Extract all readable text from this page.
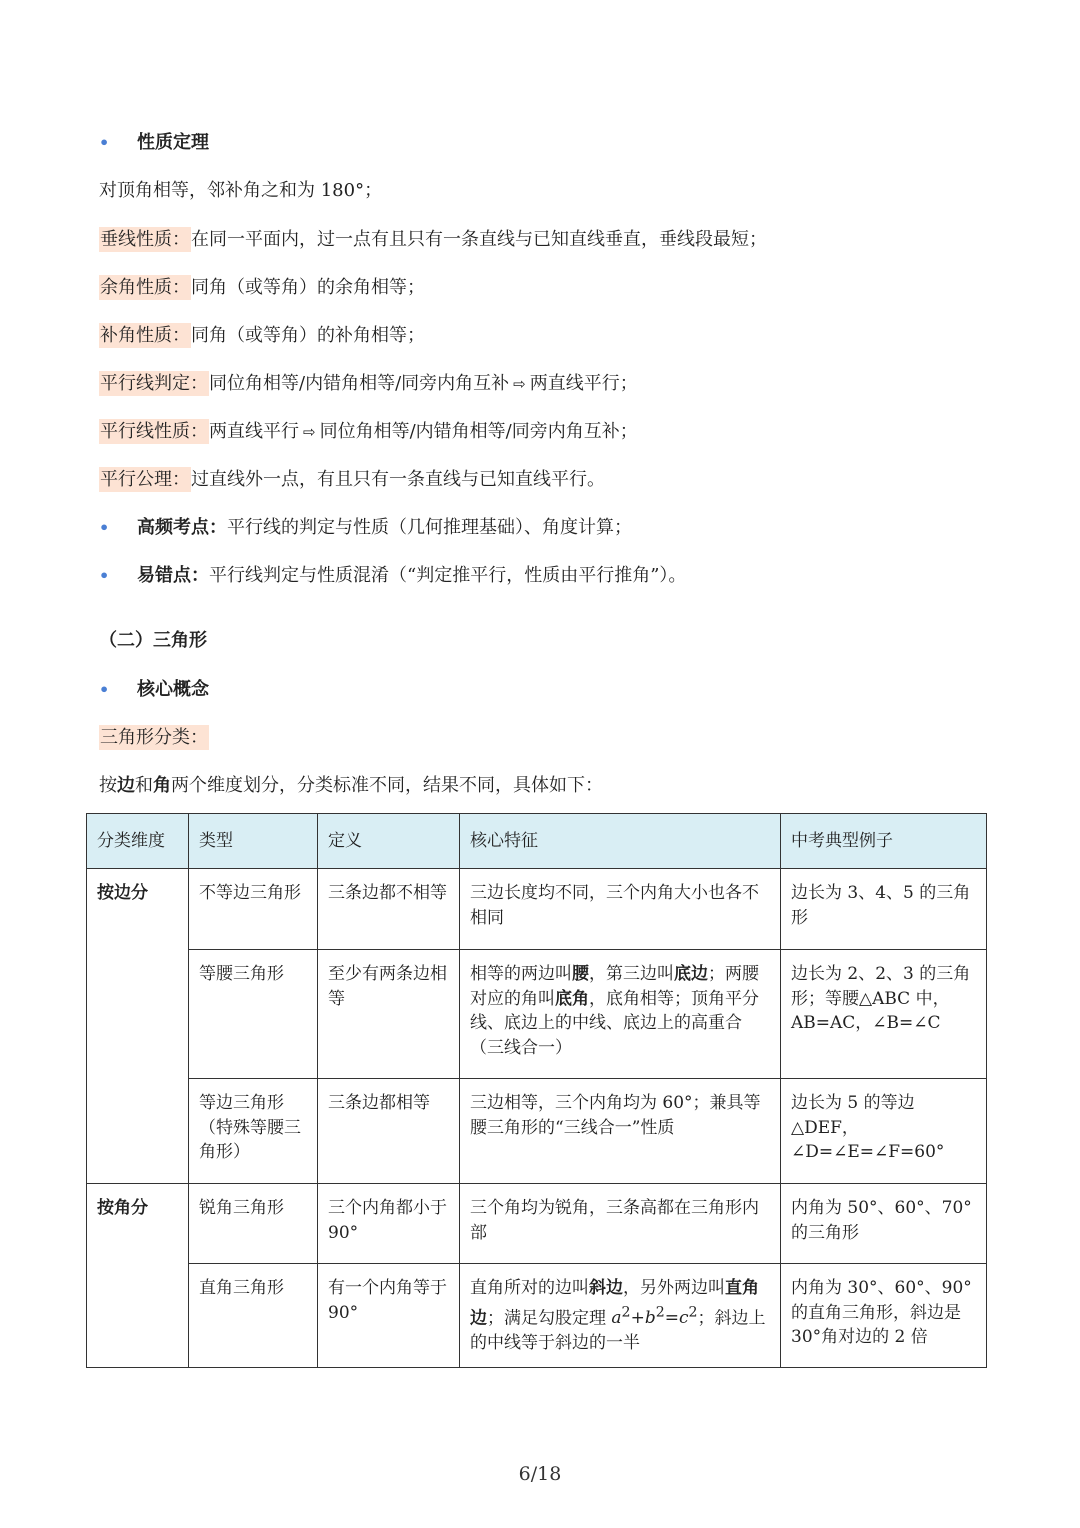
• 性质定理
对顶角相等，邻补角之和为 180°；
垂线性质：在同一平面内，过一点有且只有一条直线与已知直线垂直，垂线段最短；
余角性质：同角（或等角）的余角相等；
补角性质：同角（或等角）的补角相等；
平行线判定：同位角相等/内错角相等/同旁内角互补 ⇨ 两直线平行；
平行线性质：两直线平行 ⇨ 同位角相等/内错角相等/同旁内角互补；
平行公理：过直线外一点，有且只有一条直线与已知直线平行。
• 高频考点：平行线的判定与性质（几何推理基础）、角度计算；
• 易错点：平行线判定与性质混淆（“判定推平行，性质由平行推角”）。
（二）三角形
• 核心概念
三角形分类：
按边和角两个维度划分，分类标准不同，结果不同，具体如下：
分类维度	类型	定义	核心特征	中考典型例子
按边分	不等边三角形	三条边都不相等	三边长度均不同，三个内角大小也各不相同	边长为 3、4、5 的三角形
	等腰三角形	至少有两条边相等	相等的两边叫腰，第三边叫底边；两腰对应的角叫底角，底角相等；顶角平分线、底边上的中线、底边上的高重合（三线合一）	边长为 2、2、3 的三角形；等腰△ABC 中，AB=AC，∠B=∠C
	等边三角形（特殊等腰三角形）	三条边都相等	三边相等，三个内角均为 60°；兼具等腰三角形的“三线合一”性质	边长为 5 的等边△DEF，∠D=∠E=∠F=60°
按角分	锐角三角形	三个内角都小于 90°	三个角均为锐角，三条高都在三角形内部	内角为 50°、60°、70°的三角形
	直角三角形	有一个内角等于 90°	直角所对的边叫斜边，另外两边叫直角边；满足勾股定理 $a^2+b^2=c^2$；斜边上的中线等于斜边的一半	内角为 30°、60°、90°的直角三角形，斜边是 30°角对边的 2 倍
6/18
